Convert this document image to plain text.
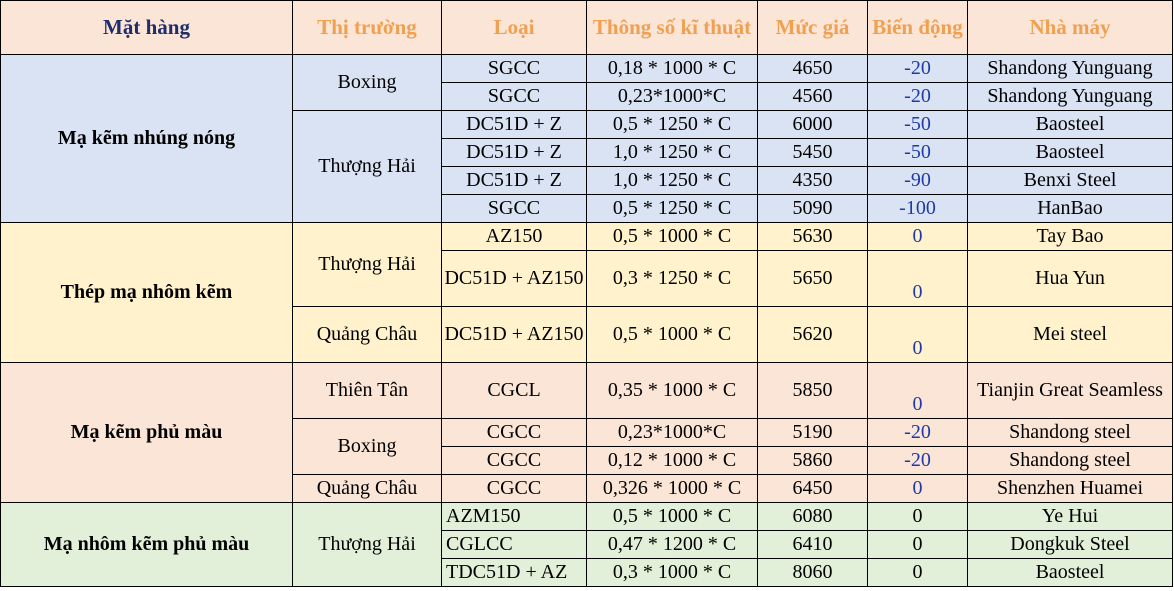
Mặt hàng	Thị trường	Loại	Thông số kĩ thuật	Mức giá	Biến động	Nhà máy
Mạ kẽm nhúng nóng	Boxing	SGCC	0,18 * 1000 * C	4650	-20	Shandong Yunguang
		SGCC	0,23*1000*C	4560	-20	Shandong Yunguang
	Thượng Hải	DC51D + Z	0,5 * 1250 * C	6000	-50	Baosteel
		DC51D + Z	1,0 * 1250 * C	5450	-50	Baosteel
		DC51D + Z	1,0 * 1250 * C	4350	-90	Benxi Steel
		SGCC	0,5 * 1250 * C	5090	-100	HanBao
Thép mạ nhôm kẽm	Thượng Hải	AZ150	0,5 * 1000 * C	5630	0	Tay Bao
		DC51D + AZ150	0,3 * 1250 * C	5650	0	Hua Yun
	Quảng Châu	DC51D + AZ150	0,5 * 1000 * C	5620	0	Mei steel
Mạ kẽm phủ màu	Thiên Tân	CGCL	0,35 * 1000 * C	5850	0	Tianjin Great Seamless
	Boxing	CGCC	0,23*1000*C	5190	-20	Shandong steel
		CGCC	0,12 * 1000 * C	5860	-20	Shandong steel
	Quảng Châu	CGCC	0,326 * 1000 * C	6450	0	Shenzhen Huamei
Mạ nhôm kẽm phủ màu	Thượng Hải	AZM150	0,5 * 1000 * C	6080	0	Ye Hui
		CGLCC	0,47 * 1200 * C	6410	0	Dongkuk Steel
		TDC51D + AZ	0,3 * 1000 * C	8060	0	Baosteel
